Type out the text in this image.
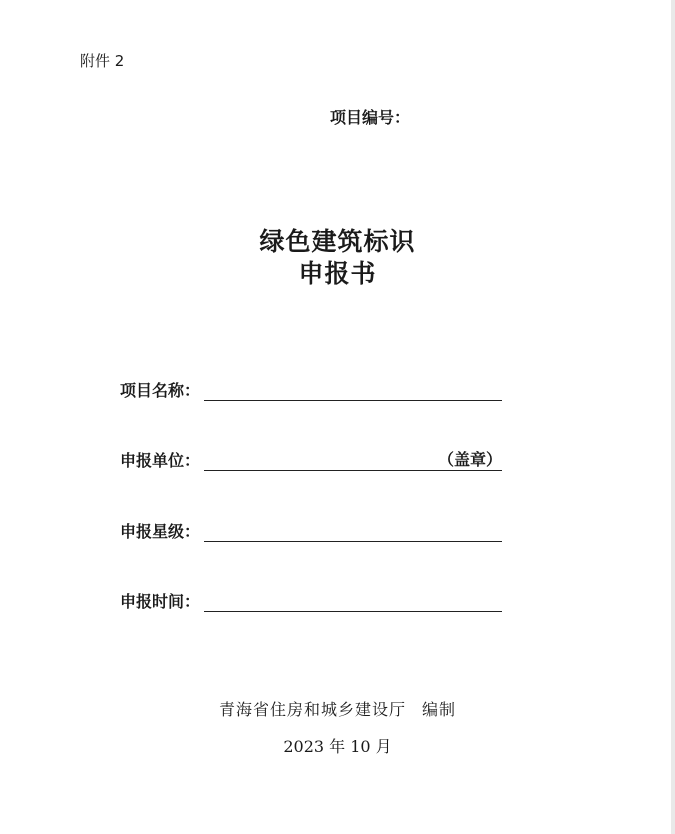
附件 2
项目编号：
绿色建筑标识
申报书
项目名称：
申报单位：	（盖章）
申报星级：
申报时间：
青海省住房和城乡建设厅 编制
2023 年 10 月
